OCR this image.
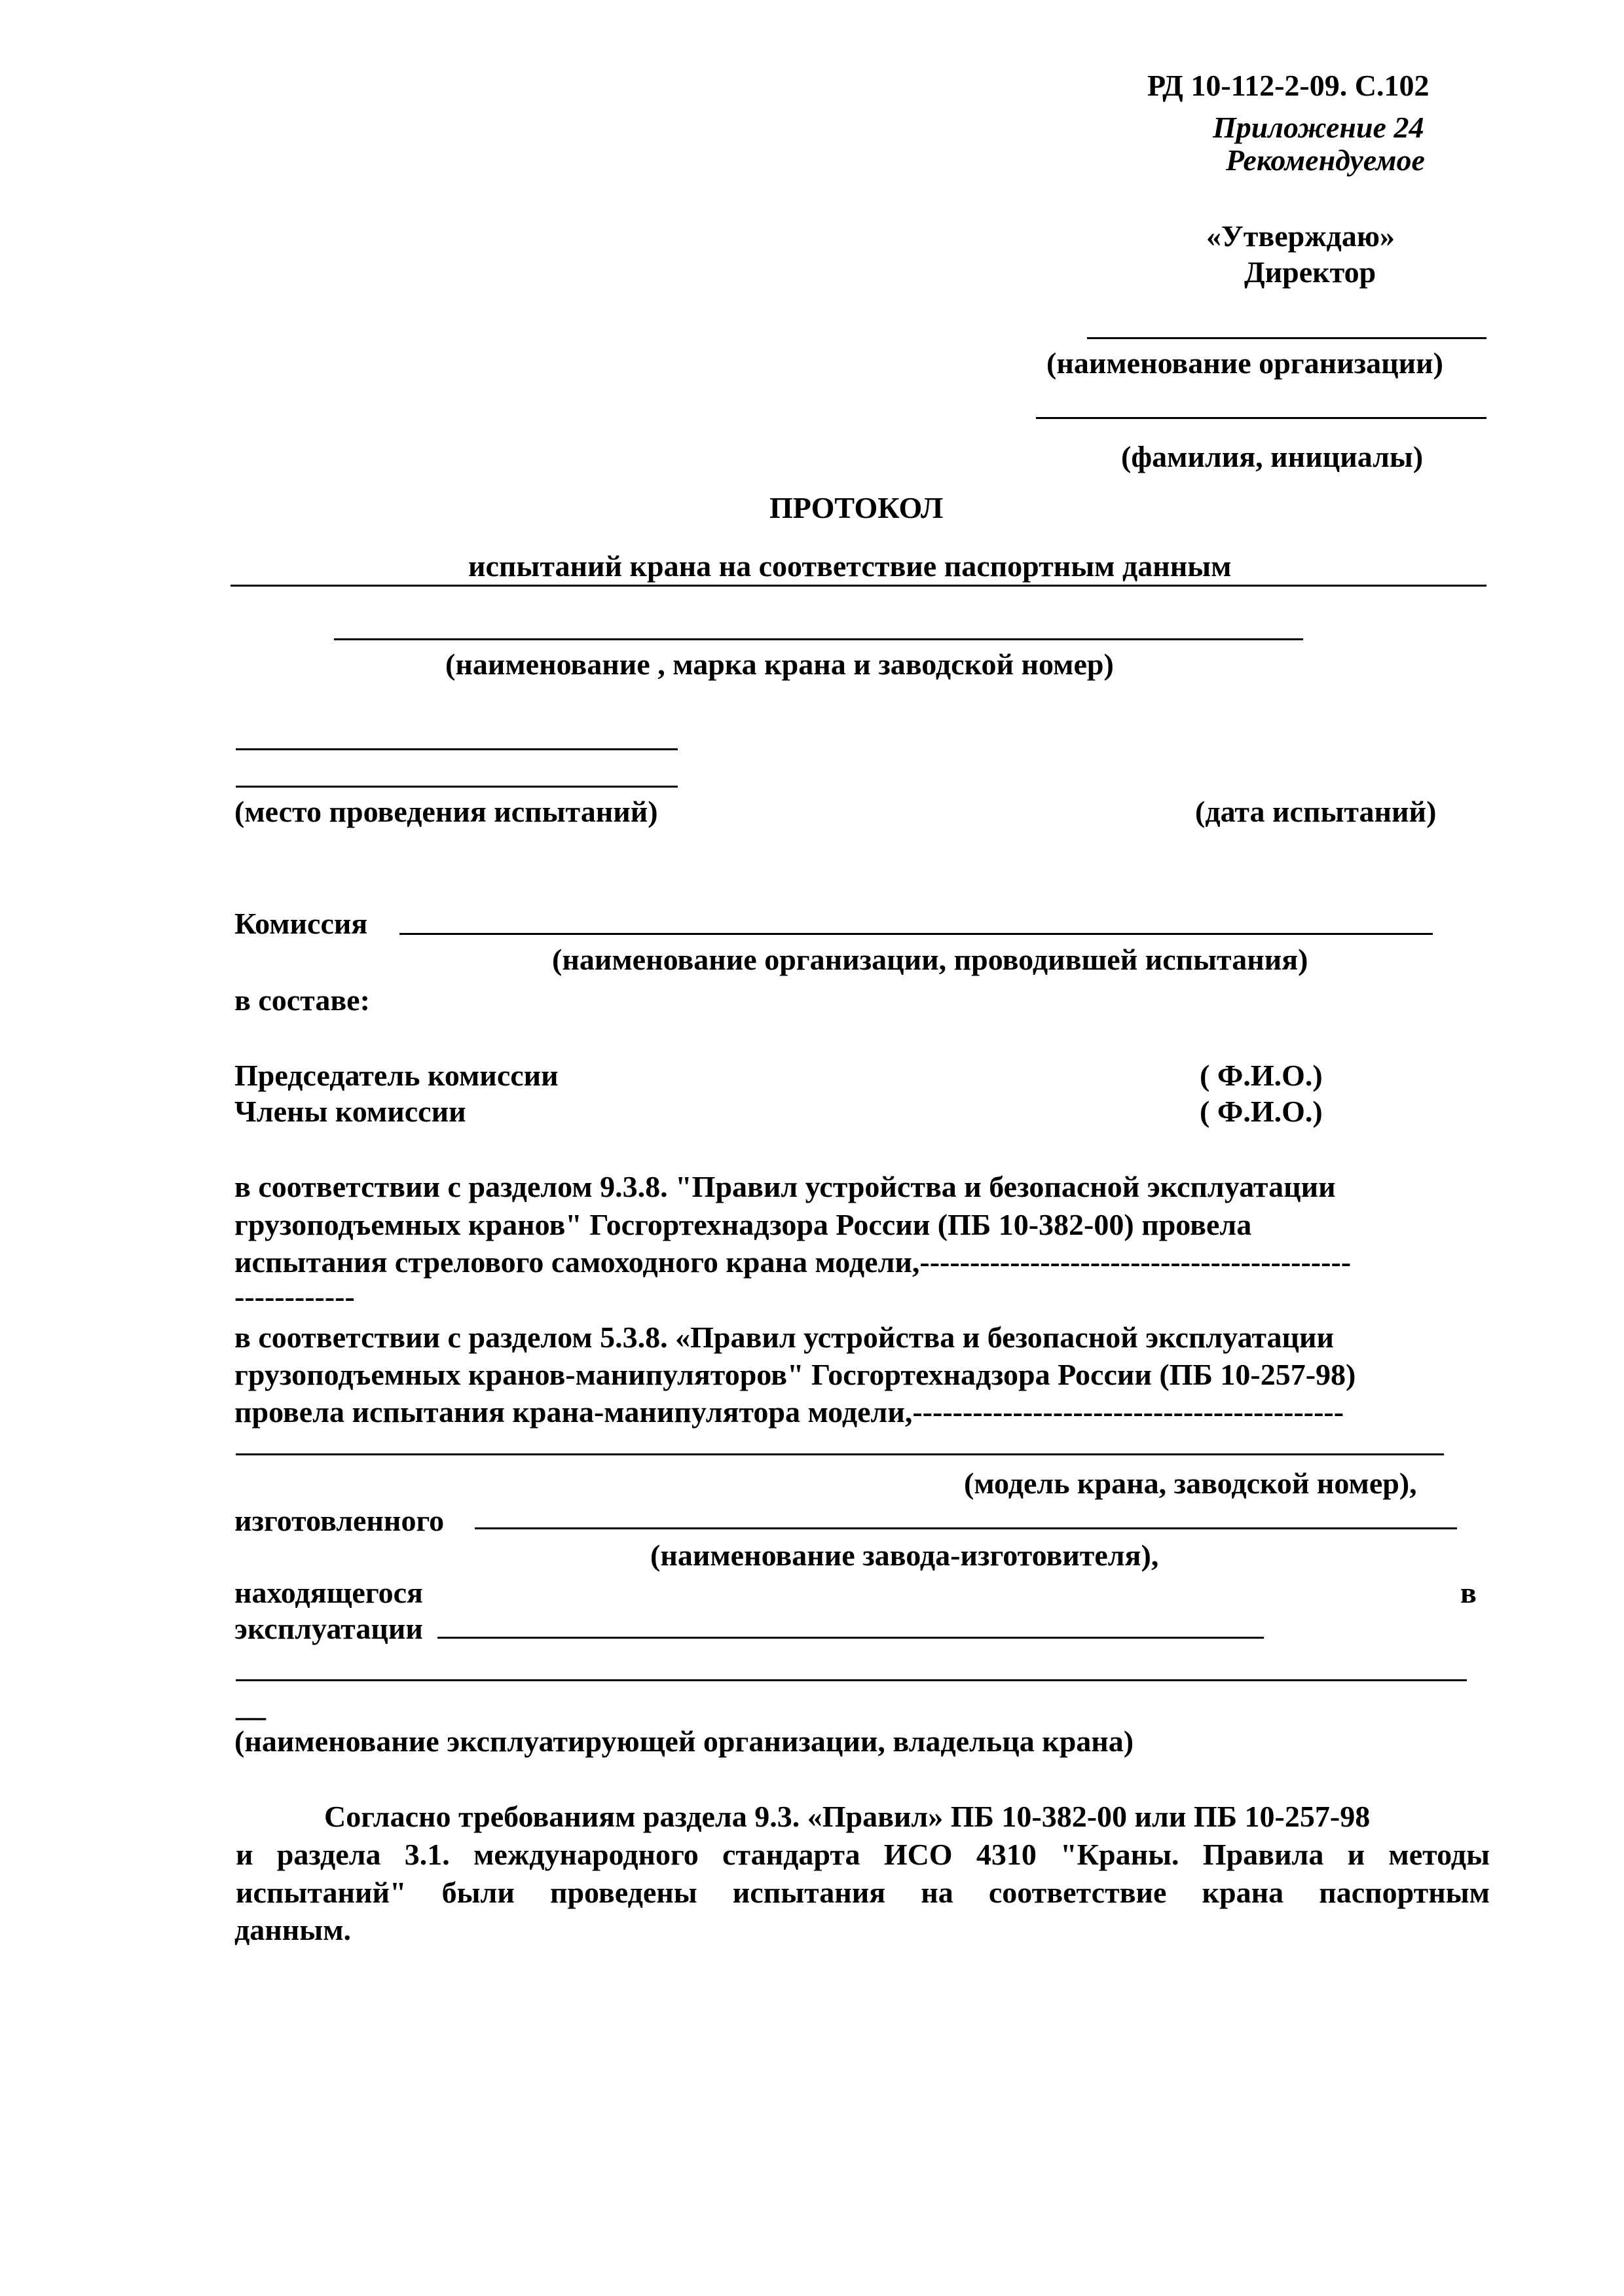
РД 10-112-2-09. С.102
Приложение 24
Рекомендуемое
«Утверждаю»
Директор
(наименование организации)
(фамилия, инициалы)
ПРОТОКОЛ
испытаний крана на соответствие паспортным данным
(наименование , марка крана и заводской номер)
(место проведения испытаний)	(дата испытаний)
Комиссия
(наименование организации, проводившей испытания)
в составе:
Председатель комиссии	( Ф.И.О.)
Члены комиссии	( Ф.И.О.)
в соответствии с разделом 9.3.8. "Правил устройства и безопасной эксплуатации
грузоподъемных кранов" Госгортехнадзора России (ПБ 10-382-00) провела
испытания стрелового самоходного крана модели,-------------------------------------------
------------
в соответствии с разделом 5.3.8. «Правил устройства и безопасной эксплуатации
грузоподъемных кранов-манипуляторов" Госгортехнадзора России (ПБ 10-257-98)
провела испытания крана-манипулятора модели,-------------------------------------------
(модель крана, заводской номер),
изготовленного
(наименование завода-изготовителя),
находящегося	в
эксплуатации
__
(наименование эксплуатирующей организации, владельца крана)
Согласно требованиям раздела 9.3. «Правил» ПБ 10-382-00 или ПБ 10-257-98
и раздела 3.1. международного стандарта ИСО 4310 "Краны. Правила и методы
испытаний" были проведены испытания на соответствие крана паспортным
данным.
